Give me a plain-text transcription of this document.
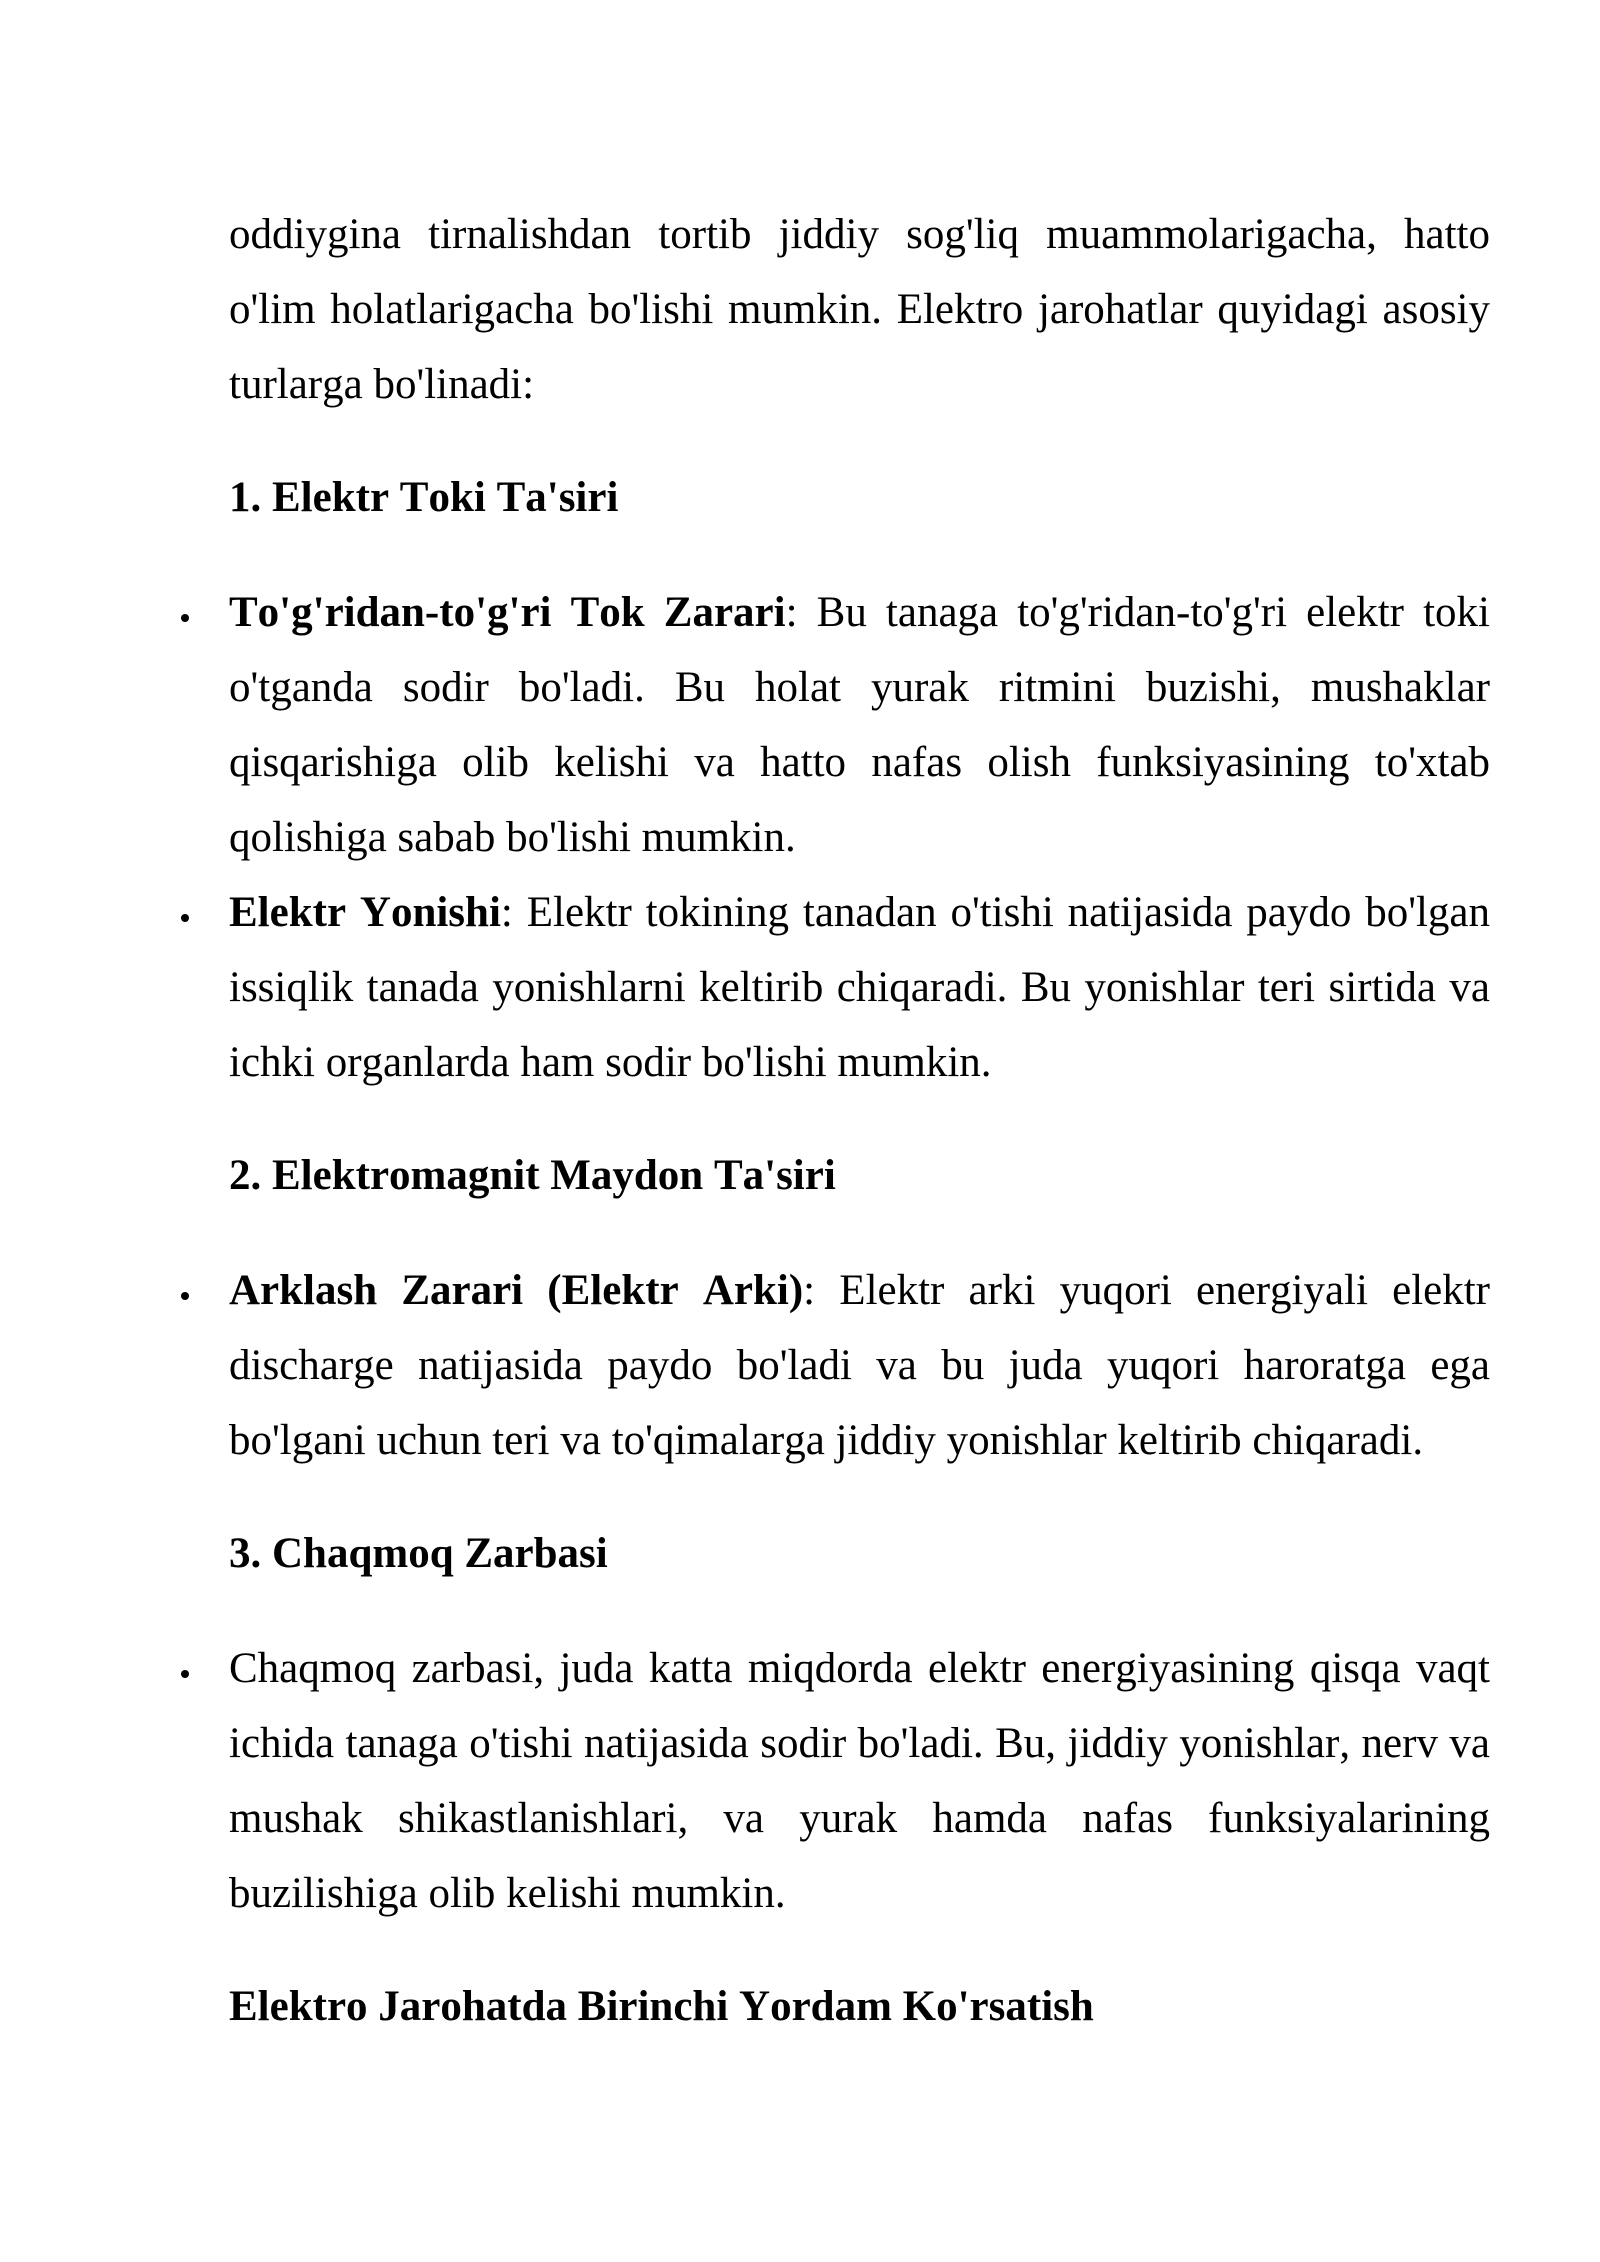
oddiygina tirnalishdan tortib jiddiy sog'liq muammolarigacha, hatto
o'lim holatlarigacha bo'lishi mumkin. Elektro jarohatlar quyidagi asosiy
turlarga bo'linadi:
1. Elektr Toki Ta'siri
To'g'ridan-to'g'ri Tok Zarari: Bu tanaga to'g'ridan-to'g'ri elektr toki
o'tganda sodir bo'ladi. Bu holat yurak ritmini buzishi, mushaklar
qisqarishiga olib kelishi va hatto nafas olish funksiyasining to'xtab
qolishiga sabab bo'lishi mumkin.
Elektr Yonishi: Elektr tokining tanadan o'tishi natijasida paydo bo'lgan
issiqlik tanada yonishlarni keltirib chiqaradi. Bu yonishlar teri sirtida va
ichki organlarda ham sodir bo'lishi mumkin.
2. Elektromagnit Maydon Ta'siri
Arklash Zarari (Elektr Arki): Elektr arki yuqori energiyali elektr
discharge natijasida paydo bo'ladi va bu juda yuqori haroratga ega
bo'lgani uchun teri va to'qimalarga jiddiy yonishlar keltirib chiqaradi.
3. Chaqmoq Zarbasi
Chaqmoq zarbasi, juda katta miqdorda elektr energiyasining qisqa vaqt
ichida tanaga o'tishi natijasida sodir bo'ladi. Bu, jiddiy yonishlar, nerv va
mushak shikastlanishlari, va yurak hamda nafas funksiyalarining
buzilishiga olib kelishi mumkin.
Elektro Jarohatda Birinchi Yordam Ko'rsatish
